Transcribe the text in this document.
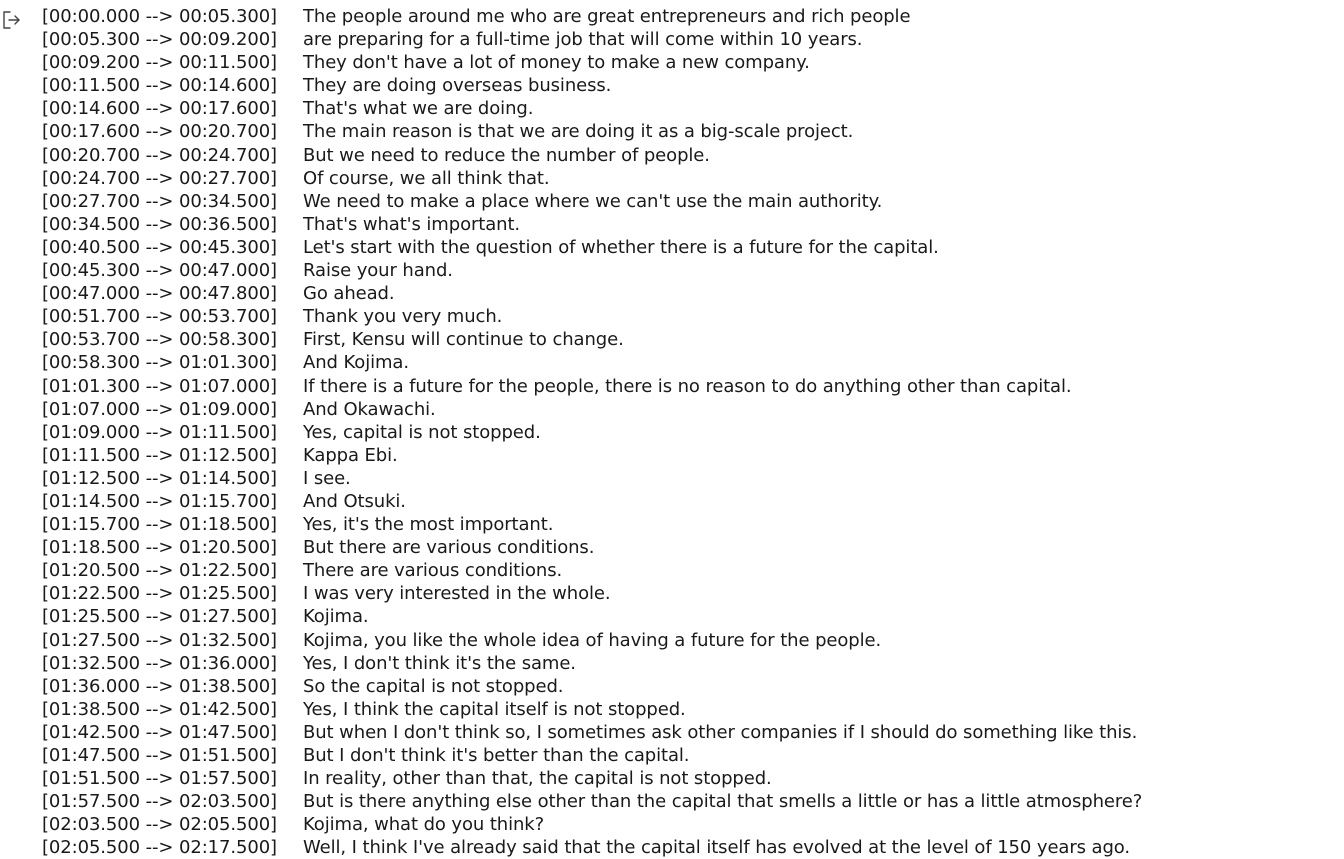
[00:00.000 --> 00:05.300]	The people around me who are great entrepreneurs and rich people
[00:05.300 --> 00:09.200]	are preparing for a full-time job that will come within 10 years.
[00:09.200 --> 00:11.500]	They don't have a lot of money to make a new company.
[00:11.500 --> 00:14.600]	They are doing overseas business.
[00:14.600 --> 00:17.600]	That's what we are doing.
[00:17.600 --> 00:20.700]	The main reason is that we are doing it as a big-scale project.
[00:20.700 --> 00:24.700]	But we need to reduce the number of people.
[00:24.700 --> 00:27.700]	Of course, we all think that.
[00:27.700 --> 00:34.500]	We need to make a place where we can't use the main authority.
[00:34.500 --> 00:36.500]	That's what's important.
[00:40.500 --> 00:45.300]	Let's start with the question of whether there is a future for the capital.
[00:45.300 --> 00:47.000]	Raise your hand.
[00:47.000 --> 00:47.800]	Go ahead.
[00:51.700 --> 00:53.700]	Thank you very much.
[00:53.700 --> 00:58.300]	First, Kensu will continue to change.
[00:58.300 --> 01:01.300]	And Kojima.
[01:01.300 --> 01:07.000]	If there is a future for the people, there is no reason to do anything other than capital.
[01:07.000 --> 01:09.000]	And Okawachi.
[01:09.000 --> 01:11.500]	Yes, capital is not stopped.
[01:11.500 --> 01:12.500]	Kappa Ebi.
[01:12.500 --> 01:14.500]	I see.
[01:14.500 --> 01:15.700]	And Otsuki.
[01:15.700 --> 01:18.500]	Yes, it's the most important.
[01:18.500 --> 01:20.500]	But there are various conditions.
[01:20.500 --> 01:22.500]	There are various conditions.
[01:22.500 --> 01:25.500]	I was very interested in the whole.
[01:25.500 --> 01:27.500]	Kojima.
[01:27.500 --> 01:32.500]	Kojima, you like the whole idea of having a future for the people.
[01:32.500 --> 01:36.000]	Yes, I don't think it's the same.
[01:36.000 --> 01:38.500]	So the capital is not stopped.
[01:38.500 --> 01:42.500]	Yes, I think the capital itself is not stopped.
[01:42.500 --> 01:47.500]	But when I don't think so, I sometimes ask other companies if I should do something like this.
[01:47.500 --> 01:51.500]	But I don't think it's better than the capital.
[01:51.500 --> 01:57.500]	In reality, other than that, the capital is not stopped.
[01:57.500 --> 02:03.500]	But is there anything else other than the capital that smells a little or has a little atmosphere?
[02:03.500 --> 02:05.500]	Kojima, what do you think?
[02:05.500 --> 02:17.500]	Well, I think I've already said that the capital itself has evolved at the level of 150 years ago.
